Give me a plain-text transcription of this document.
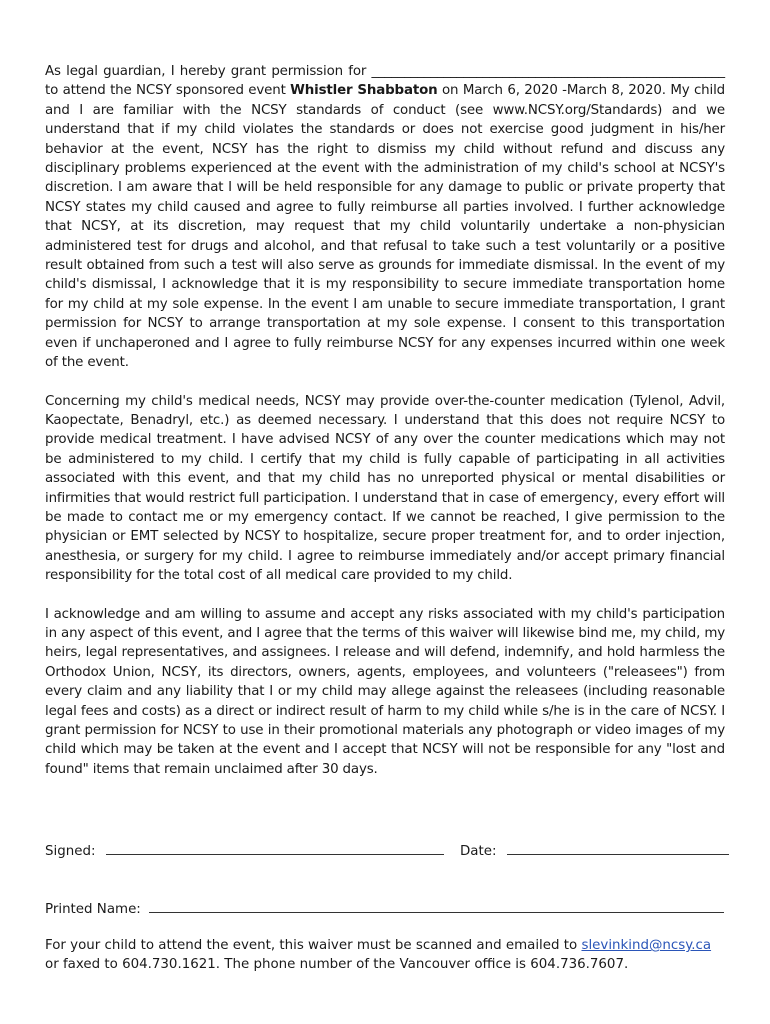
As legal guardian, I hereby grant permission for ______________________________________________________ to attend the NCSY sponsored event Whistler Shabbaton on March 6, 2020 -March 8, 2020. My child and I are familiar with the NCSY standards of conduct (see www.NCSY.org/Standards) and we understand that if my child violates the standards or does not exercise good judgment in his/her behavior at the event, NCSY has the right to dismiss my child without refund and discuss any disciplinary problems experienced at the event with the administration of my child's school at NCSY's discretion. I am aware that I will be held responsible for any damage to public or private property that NCSY states my child caused and agree to fully reimburse all parties involved. I further acknowledge that NCSY, at its discretion, may request that my child voluntarily undertake a non-physician administered test for drugs and alcohol, and that refusal to take such a test voluntarily or a positive result obtained from such a test will also serve as grounds for immediate dismissal. In the event of my child's dismissal, I acknowledge that it is my responsibility to secure immediate transportation home for my child at my sole expense. In the event I am unable to secure immediate transportation, I grant permission for NCSY to arrange transportation at my sole expense. I consent to this transportation even if unchaperoned and I agree to fully reimburse NCSY for any expenses incurred within one week of the event.

Concerning my child's medical needs, NCSY may provide over-the-counter medication (Tylenol, Advil, Kaopectate, Benadryl, etc.) as deemed necessary. I understand that this does not require NCSY to provide medical treatment. I have advised NCSY of any over the counter medications which may not be administered to my child. I certify that my child is fully capable of participating in all activities associated with this event, and that my child has no unreported physical or mental disabilities or infirmities that would restrict full participation. I understand that in case of emergency, every effort will be made to contact me or my emergency contact. If we cannot be reached, I give permission to the physician or EMT selected by NCSY to hospitalize, secure proper treatment for, and to order injection, anesthesia, or surgery for my child. I agree to reimburse immediately and/or accept primary financial responsibility for the total cost of all medical care provided to my child.

I acknowledge and am willing to assume and accept any risks associated with my child's participation in any aspect of this event, and I agree that the terms of this waiver will likewise bind me, my child, my heirs, legal representatives, and assignees. I release and will defend, indemnify, and hold harmless the Orthodox Union, NCSY, its directors, owners, agents, employees, and volunteers ("releasees") from every claim and any liability that I or my child may allege against the releasees (including reasonable legal fees and costs) as a direct or indirect result of harm to my child while s/he is in the care of NCSY. I grant permission for NCSY to use in their promotional materials any photograph or video images of my child which may be taken at the event and I accept that NCSY will not be responsible for any "lost and found" items that remain unclaimed after 30 days.

Signed:	Date:
Printed Name:
For your child to attend the event, this waiver must be scanned and emailed to slevinkind@ncsy.ca
or faxed to 604.730.1621. The phone number of the Vancouver office is 604.736.7607.
